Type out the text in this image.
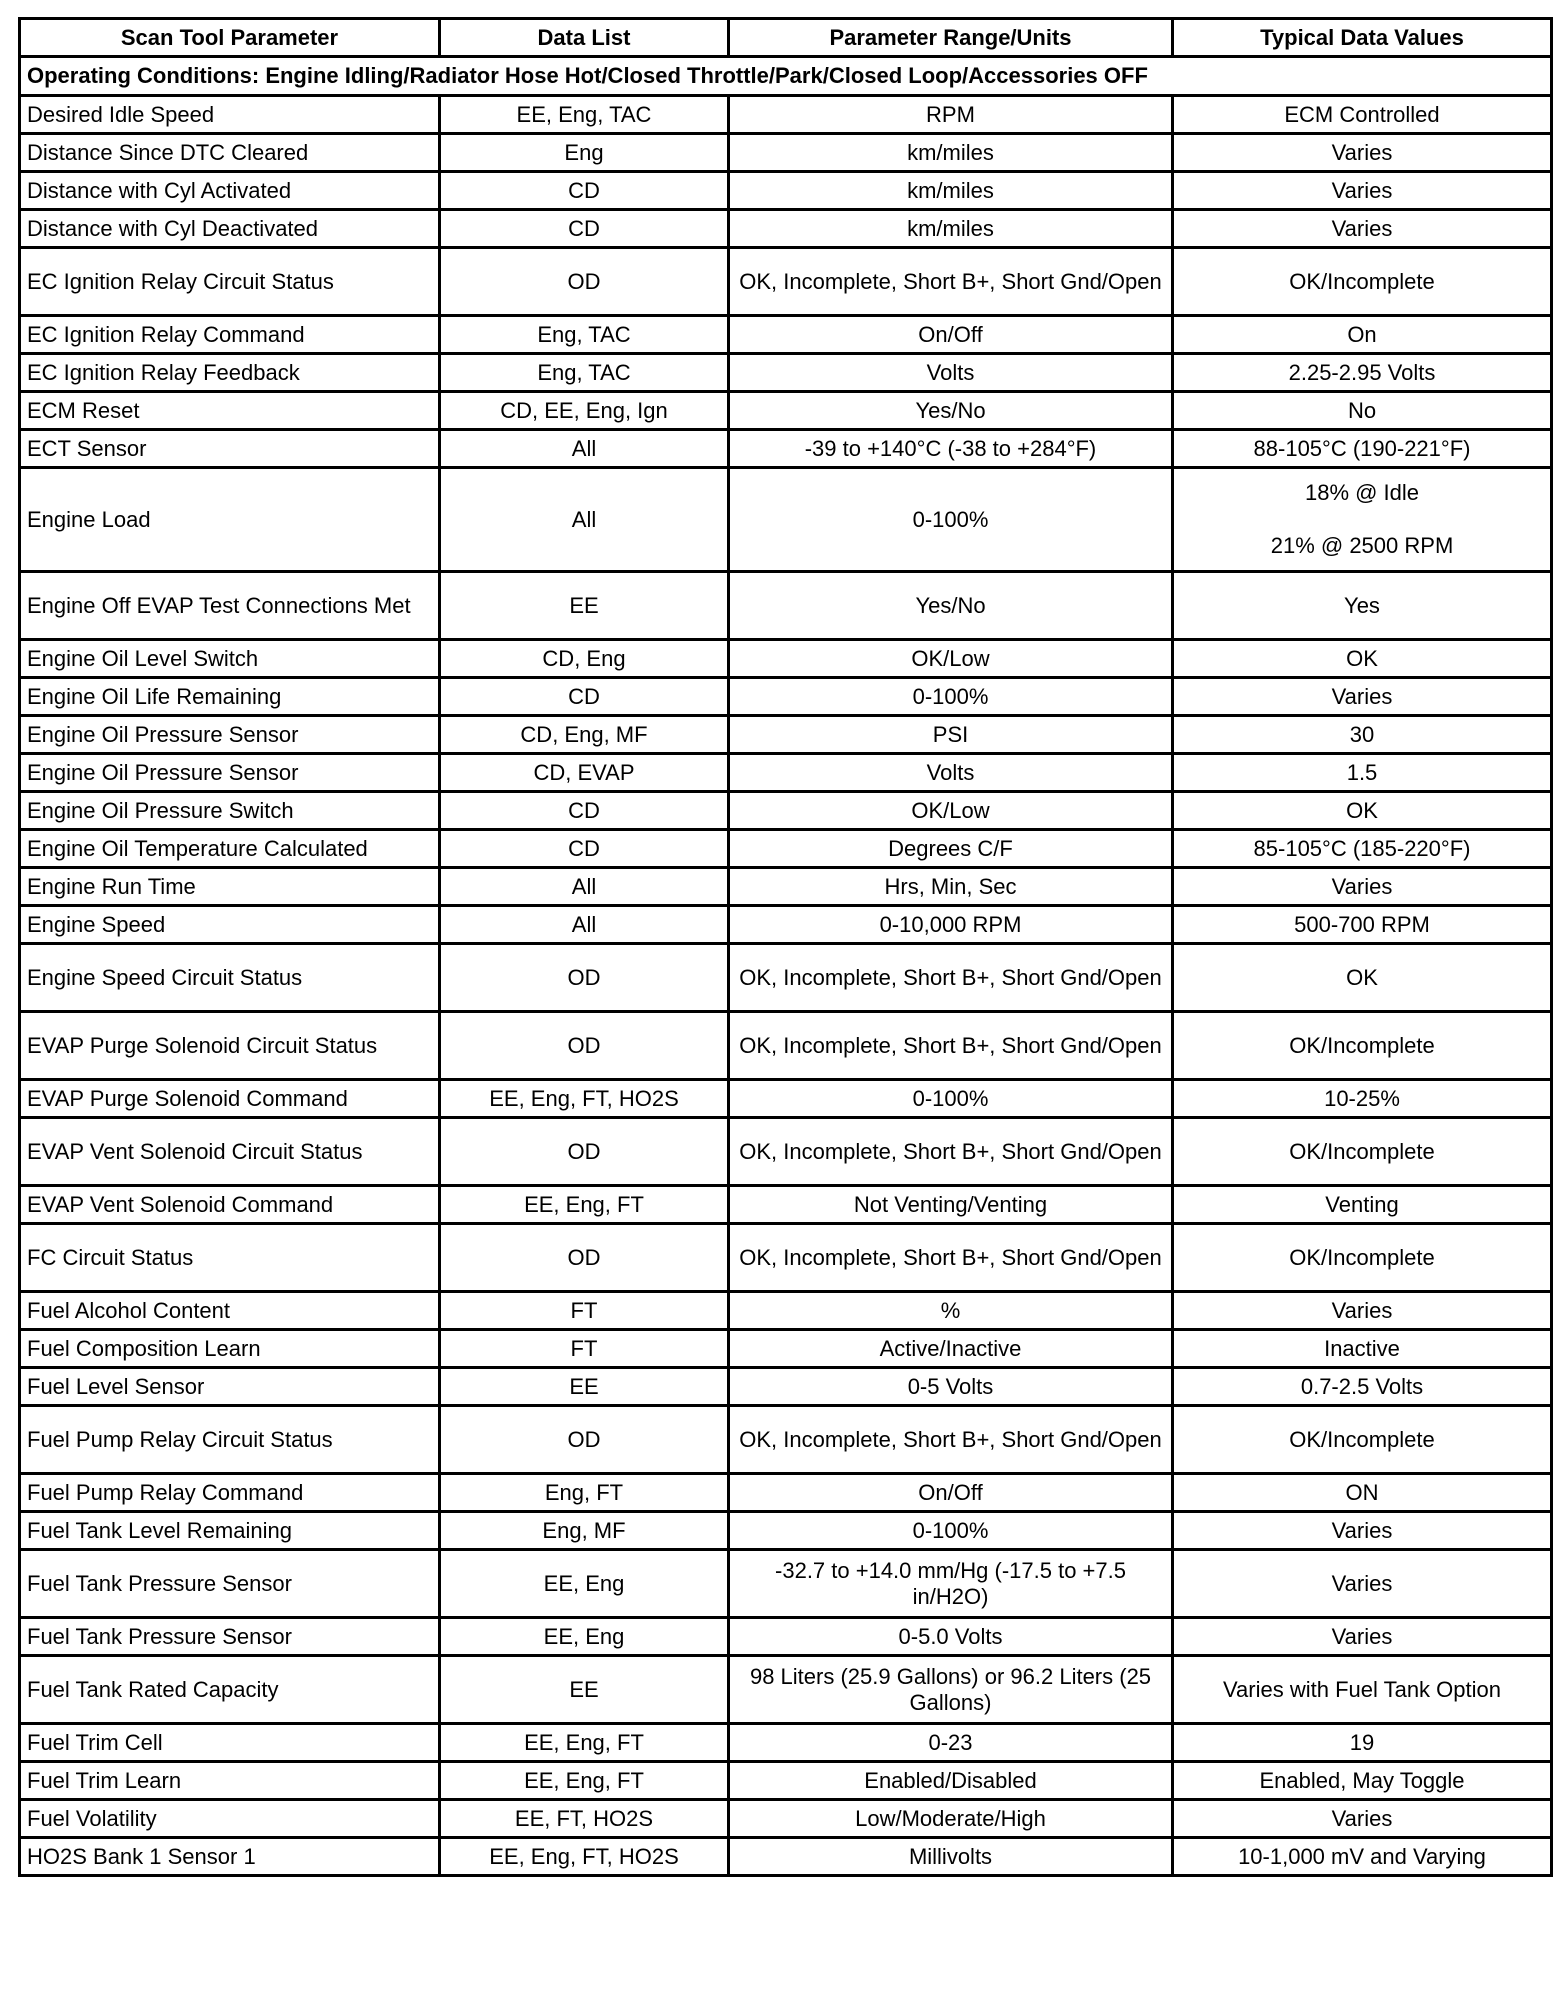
Scan Tool Parameter	Data List	Parameter Range/Units	Typical Data Values
Operating Conditions: Engine Idling/Radiator Hose Hot/Closed Throttle/Park/Closed Loop/Accessories OFF			
Desired Idle Speed	EE, Eng, TAC	RPM	ECM Controlled
Distance Since DTC Cleared	Eng	km/miles	Varies
Distance with Cyl Activated	CD	km/miles	Varies
Distance with Cyl Deactivated	CD	km/miles	Varies
EC Ignition Relay Circuit Status	OD	OK, Incomplete, Short B+, Short Gnd/Open	OK/Incomplete
EC Ignition Relay Command	Eng, TAC	On/Off	On
EC Ignition Relay Feedback	Eng, TAC	Volts	2.25-2.95 Volts
ECM Reset	CD, EE, Eng, Ign	Yes/No	No
ECT Sensor	All	-39 to +140°C (-38 to +284°F)	88-105°C (190-221°F)
Engine Load	All	0-100%	18% @ Idle
21% @ 2500 RPM

Engine Off EVAP Test Connections Met	EE	Yes/No	Yes
Engine Oil Level Switch	CD, Eng	OK/Low	OK
Engine Oil Life Remaining	CD	0-100%	Varies
Engine Oil Pressure Sensor	CD, Eng, MF	PSI	30
Engine Oil Pressure Sensor	CD, EVAP	Volts	1.5
Engine Oil Pressure Switch	CD	OK/Low	OK
Engine Oil Temperature Calculated	CD	Degrees C/F	85-105°C (185-220°F)
Engine Run Time	All	Hrs, Min, Sec	Varies
Engine Speed	All	0-10,000 RPM	500-700 RPM
Engine Speed Circuit Status	OD	OK, Incomplete, Short B+, Short Gnd/Open	OK
EVAP Purge Solenoid Circuit Status	OD	OK, Incomplete, Short B+, Short Gnd/Open	OK/Incomplete
EVAP Purge Solenoid Command	EE, Eng, FT, HO2S	0-100%	10-25%
EVAP Vent Solenoid Circuit Status	OD	OK, Incomplete, Short B+, Short Gnd/Open	OK/Incomplete
EVAP Vent Solenoid Command	EE, Eng, FT	Not Venting/Venting	Venting
FC Circuit Status	OD	OK, Incomplete, Short B+, Short Gnd/Open	OK/Incomplete
Fuel Alcohol Content	FT	%	Varies
Fuel Composition Learn	FT	Active/Inactive	Inactive
Fuel Level Sensor	EE	0-5 Volts	0.7-2.5 Volts
Fuel Pump Relay Circuit Status	OD	OK, Incomplete, Short B+, Short Gnd/Open	OK/Incomplete
Fuel Pump Relay Command	Eng, FT	On/Off	ON
Fuel Tank Level Remaining	Eng, MF	0-100%	Varies
Fuel Tank Pressure Sensor	EE, Eng	-32.7 to +14.0 mm/Hg (-17.5 to +7.5 in/H2O)	Varies
Fuel Tank Pressure Sensor	EE, Eng	0-5.0 Volts	Varies
Fuel Tank Rated Capacity	EE	98 Liters (25.9 Gallons) or 96.2 Liters (25 Gallons)	Varies with Fuel Tank Option
Fuel Trim Cell	EE, Eng, FT	0-23	19
Fuel Trim Learn	EE, Eng, FT	Enabled/Disabled	Enabled, May Toggle
Fuel Volatility	EE, FT, HO2S	Low/Moderate/High	Varies
HO2S Bank 1 Sensor 1	EE, Eng, FT, HO2S	Millivolts	10-1,000 mV and Varying
